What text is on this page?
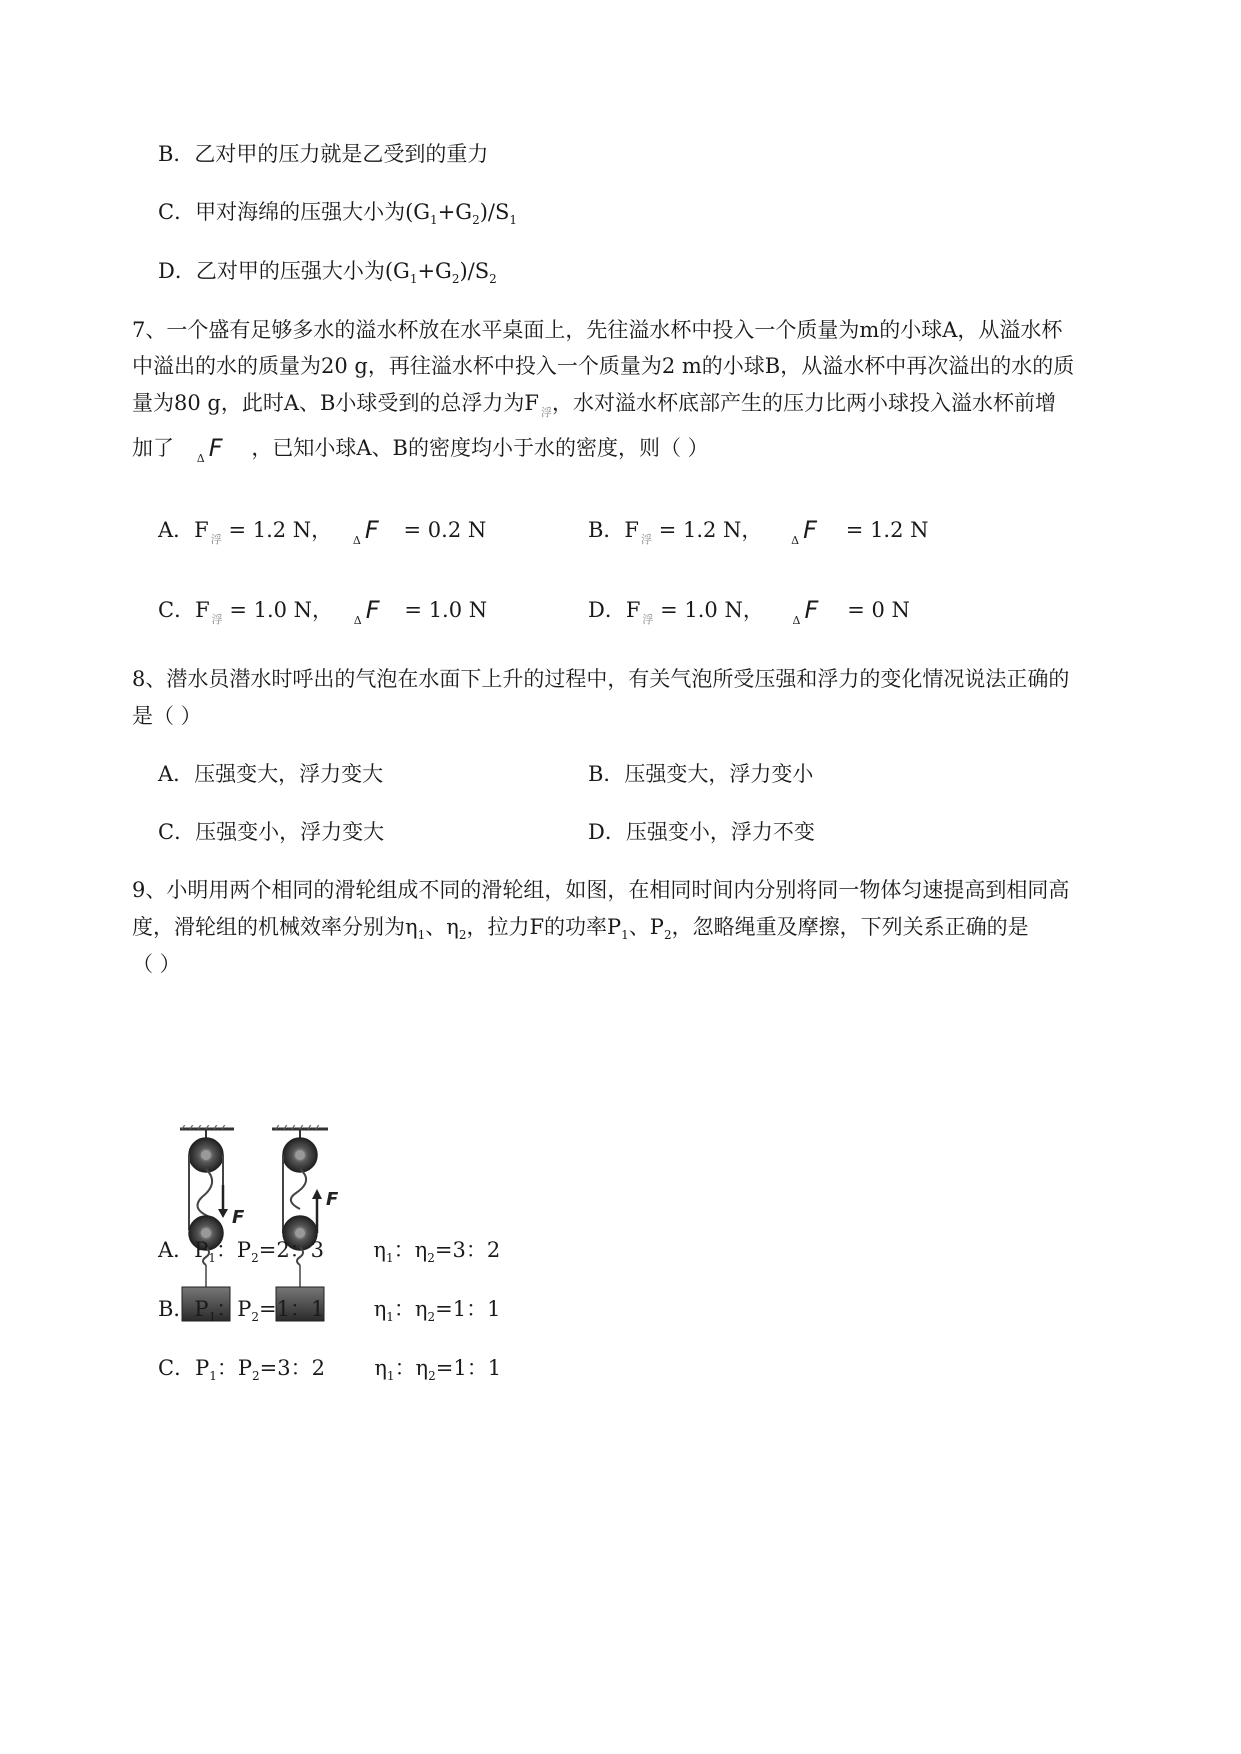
B．乙对甲的压力就是乙受到的重力
C．甲对海绵的压强大小为$(G_1+G_2)/S_1$
D．乙对甲的压强大小为$(G_1+G_2)/S_2$
7、一个盛有足够多水的溢水杯放在水平桌面上，先往溢水杯中投入一个质量为m的小球A，从溢水杯
中溢出的水的质量为20 g，再往溢水杯中投入一个质量为2 m的小球B，从溢水杯中再次溢出的水的质
量为80 g，此时A、B小球受到的总浮力为F $_浮$，水对溢水杯底部产生的压力比两小球投入溢水杯前增
加了 Δ F ，已知小球A、B的密度均小于水的密度，则（ ）
A．F $_浮$ = 1.2 N， Δ F = 0.2 N	B．F $_浮$ = 1.2 N，	Δ F = 1.2 N
C．F $_浮$ = 1.0 N， Δ F = 1.0 N	D．F $_浮$ = 1.0 N，	Δ F = 0 N
8、潜水员潜水时呼出的气泡在水面下上升的过程中，有关气泡所受压强和浮力的变化情况说法正确的
是（ ）
A．压强变大，浮力变大	B．压强变大，浮力变小
C．压强变小，浮力变大	D．压强变小，浮力不变
9、小明用两个相同的滑轮组成不同的滑轮组，如图，在相同时间内分别将同一物体匀速提高到相同高
度，滑轮组的机械效率分别为$\eta_1$、$\eta_2$，拉力F的功率$P_1$、$P_2$，忽略绳重及摩擦，下列关系正确的是
（ ）
F
F
A．$P_1$：$P_2=2$：3 $\eta_1$：$\eta_2=3$：2
B．$P_1$：$P_2=1$：1 $\eta_1$：$\eta_2=1$：1
C．$P_1$：$P_2=3$：2 $\eta_1$：$\eta_2=1$：1
